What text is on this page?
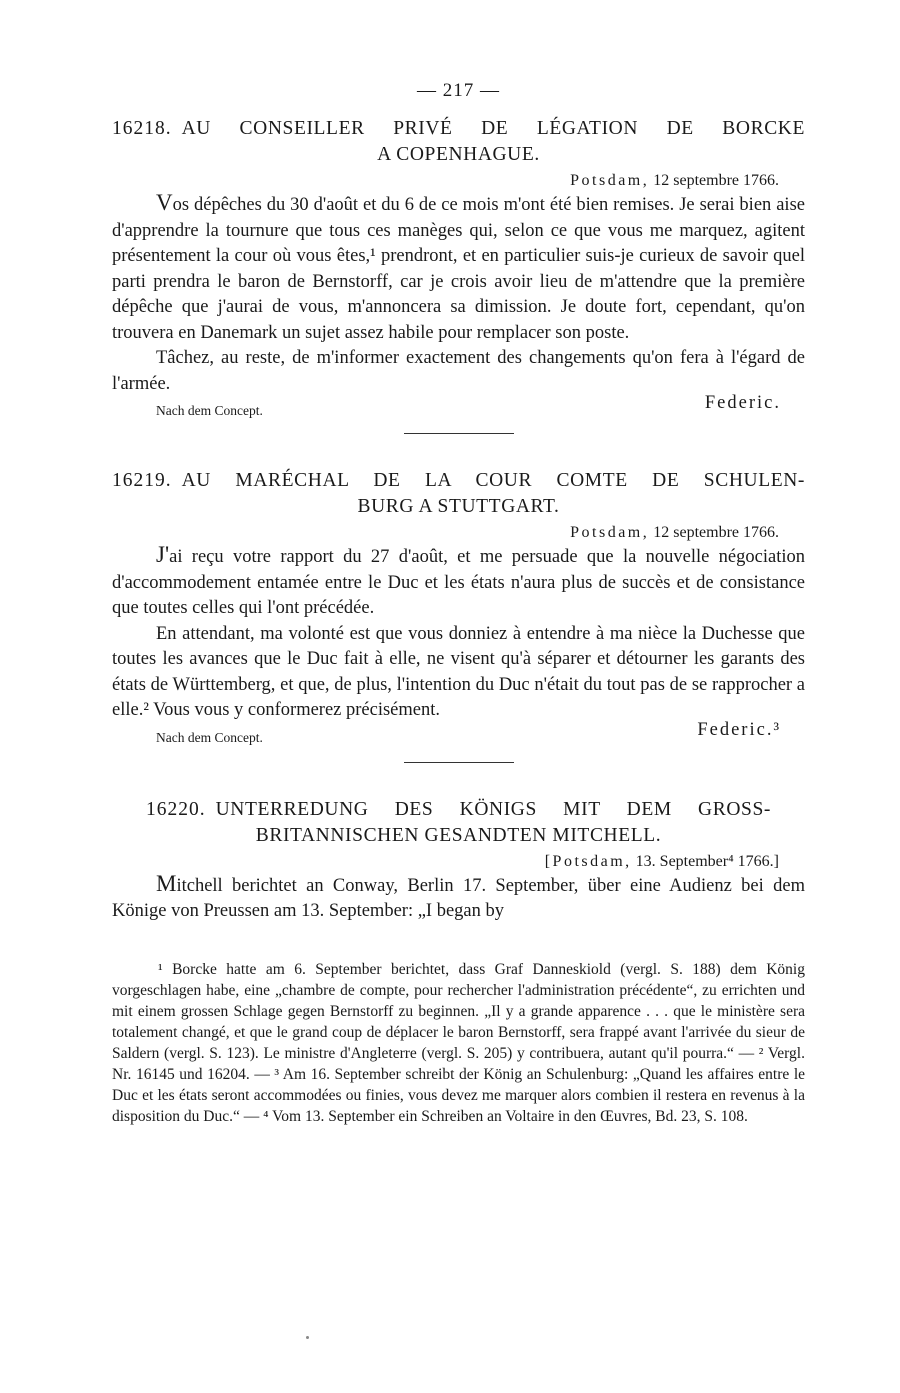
— 217 —
16218. AU CONSEILLER PRIVÉ DE LÉGATION DE BORCKE
A COPENHAGUE.
Potsdam, 12 septembre 1766.

Vos dépêches du 30 d'août et du 6 de ce mois m'ont été bien remises. Je serai bien aise d'apprendre la tournure que tous ces manèges qui, selon ce que vous me marquez, agitent présentement la cour où vous êtes,¹ prendront, et en particulier suis-je curieux de savoir quel parti prendra le baron de Bernstorff, car je crois avoir lieu de m'attendre que la première dépêche que j'aurai de vous, m'annoncera sa dimission. Je doute fort, cependant, qu'on trouvera en Danemark un sujet assez habile pour remplacer son poste.

Tâchez, au reste, de m'informer exactement des changements qu'on fera à l'égard de l'armée.

Nach dem Concept.	Federic.
16219. AU MARÉCHAL DE LA COUR COMTE DE SCHULEN-
BURG A STUTTGART.
Potsdam, 12 septembre 1766.

J'ai reçu votre rapport du 27 d'août, et me persuade que la nouvelle négociation d'accommodement entamée entre le Duc et les états n'aura plus de succès et de consistance que toutes celles qui l'ont précédée.

En attendant, ma volonté est que vous donniez à entendre à ma nièce la Duchesse que toutes les avances que le Duc fait à elle, ne visent qu'à séparer et détourner les garants des états de Württemberg, et que, de plus, l'intention du Duc n'était du tout pas de se rapprocher a elle.² Vous vous y conformerez précisément.

Nach dem Concept.	Federic.³
16220. UNTERREDUNG DES KÖNIGS MIT DEM GROSS-
BRITANNISCHEN GESANDTEN MITCHELL.
[Potsdam, 13. September⁴ 1766.]

Mitchell berichtet an Conway, Berlin 17. September, über eine Audienz bei dem Könige von Preussen am 13. September: „I began by

¹ Borcke hatte am 6. September berichtet, dass Graf Danneskiold (vergl. S. 188) dem König vorgeschlagen habe, eine „chambre de compte, pour rechercher l'administration précédente“, zu errichten und mit einem grossen Schlage gegen Bernstorff zu beginnen. „Il y a grande apparence . . . que le ministère sera totalement changé, et que le grand coup de déplacer le baron Bernstorff, sera frappé avant l'arrivée du sieur de Saldern (vergl. S. 123). Le ministre d'Angleterre (vergl. S. 205) y contribuera, autant qu'il pourra.“ — ² Vergl. Nr. 16145 und 16204. — ³ Am 16. September schreibt der König an Schulenburg: „Quand les affaires entre le Duc et les états seront accommodées ou finies, vous devez me marquer alors combien il restera en revenus à la disposition du Duc.“ — ⁴ Vom 13. September ein Schreiben an Voltaire in den Œuvres, Bd. 23, S. 108.
